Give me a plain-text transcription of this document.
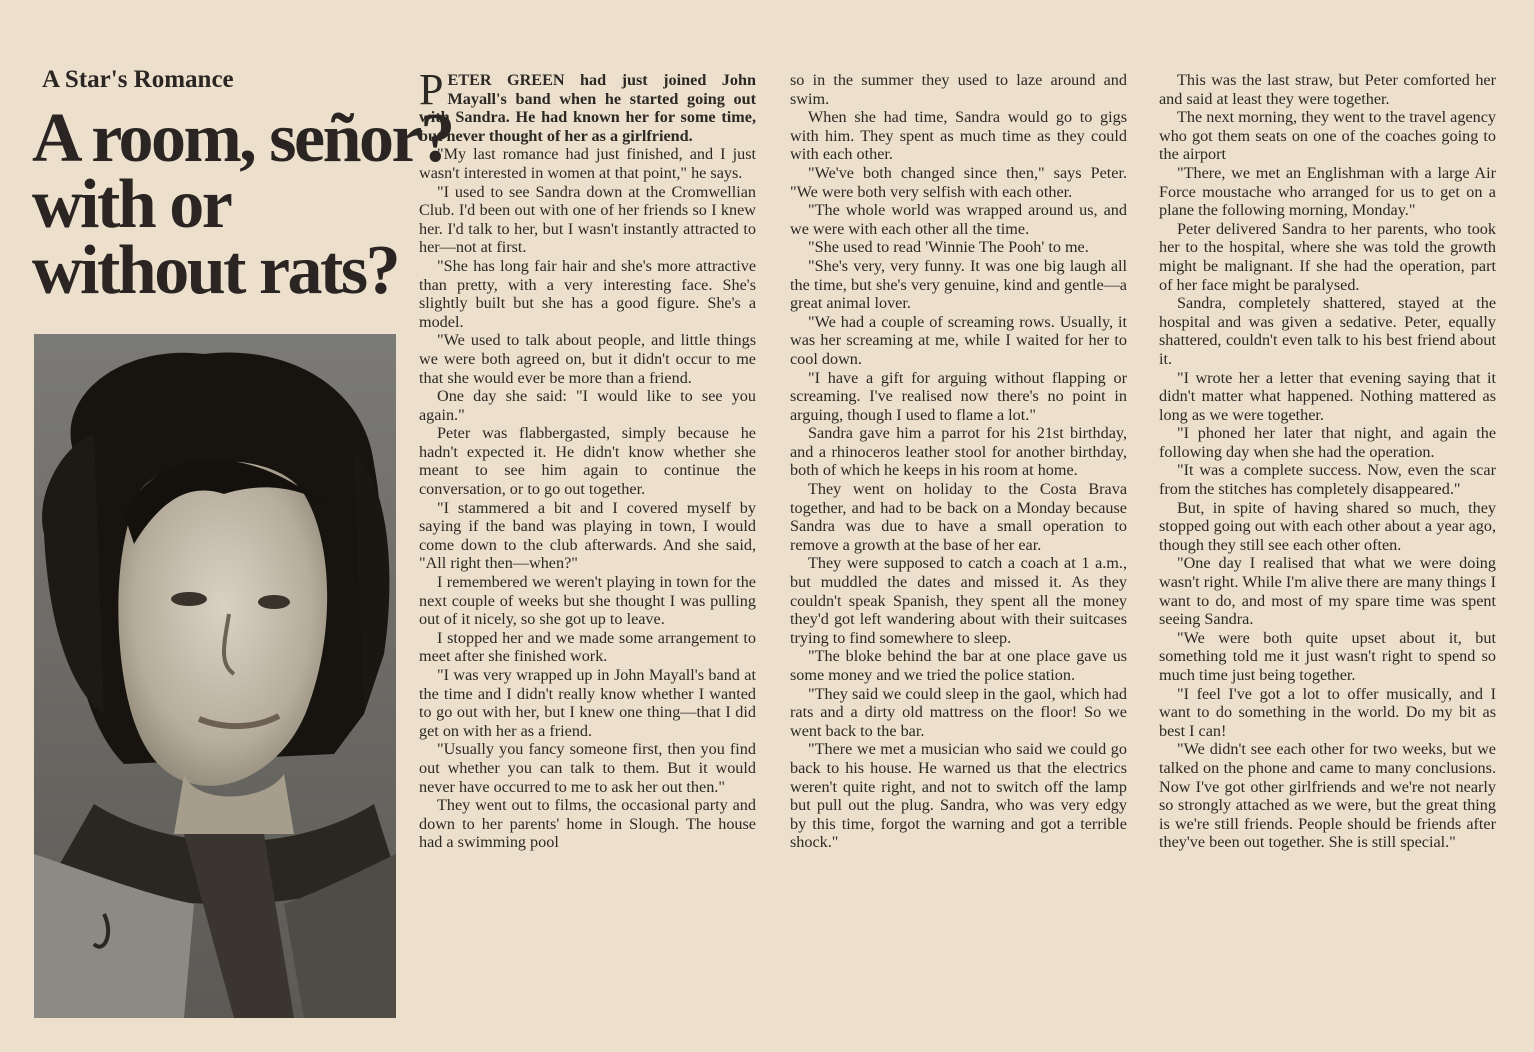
A Star's Romance
A room, señor?
with or
without rats?

PETER GREEN had just joined John Mayall's band when he started going out with Sandra. He had known her for some time, but never thought of her as a girlfriend.

"My last romance had just finished, and I just wasn't interested in women at that point," he says.

"I used to see Sandra down at the Cromwellian Club. I'd been out with one of her friends so I knew her. I'd talk to her, but I wasn't instantly attracted to her—not at first.

"She has long fair hair and she's more attractive than pretty, with a very interesting face. She's slightly built but she has a good figure. She's a model.

"We used to talk about people, and little things we were both agreed on, but it didn't occur to me that she would ever be more than a friend.

One day she said: "I would like to see you again."

Peter was flabbergasted, simply because he hadn't expected it. He didn't know whether she meant to see him again to continue the conversation, or to go out together.

"I stammered a bit and I covered myself by saying if the band was playing in town, I would come down to the club afterwards. And she said, "All right then—when?"

I remembered we weren't playing in town for the next couple of weeks but she thought I was pulling out of it nicely, so she got up to leave.

I stopped her and we made some arrangement to meet after she finished work.

"I was very wrapped up in John Mayall's band at the time and I didn't really know whether I wanted to go out with her, but I knew one thing—that I did get on with her as a friend.

"Usually you fancy someone first, then you find out whether you can talk to them. But it would never have occurred to me to ask her out then."

They went out to films, the occasional party and down to her parents' home in Slough. The house had a swimming pool

so in the summer they used to laze around and swim.

When she had time, Sandra would go to gigs with him. They spent as much time as they could with each other.

"We've both changed since then," says Peter. "We were both very selfish with each other.

"The whole world was wrapped around us, and we were with each other all the time.

"She used to read 'Winnie The Pooh' to me.

"She's very, very funny. It was one big laugh all the time, but she's very genuine, kind and gentle—a great animal lover.

"We had a couple of screaming rows. Usually, it was her screaming at me, while I waited for her to cool down.

"I have a gift for arguing without flapping or screaming. I've realised now there's no point in arguing, though I used to flame a lot."

Sandra gave him a parrot for his 21st birthday, and a rhinoceros leather stool for another birthday, both of which he keeps in his room at home.

They went on holiday to the Costa Brava together, and had to be back on a Monday because Sandra was due to have a small operation to remove a growth at the base of her ear.

They were supposed to catch a coach at 1 a.m., but muddled the dates and missed it. As they couldn't speak Spanish, they spent all the money they'd got left wandering about with their suitcases trying to find somewhere to sleep.

"The bloke behind the bar at one place gave us some money and we tried the police station.

"They said we could sleep in the gaol, which had rats and a dirty old mattress on the floor! So we went back to the bar.

"There we met a musician who said we could go back to his house. He warned us that the electrics weren't quite right, and not to switch off the lamp but pull out the plug. Sandra, who was very edgy by this time, forgot the warning and got a terrible shock."

This was the last straw, but Peter comforted her and said at least they were together.

The next morning, they went to the travel agency who got them seats on one of the coaches going to the airport

"There, we met an Englishman with a large Air Force moustache who arranged for us to get on a plane the following morning, Monday."

Peter delivered Sandra to her parents, who took her to the hospital, where she was told the growth might be malignant. If she had the operation, part of her face might be paralysed.

Sandra, completely shattered, stayed at the hospital and was given a sedative. Peter, equally shattered, couldn't even talk to his best friend about it.

"I wrote her a letter that evening saying that it didn't matter what happened. Nothing mattered as long as we were together.

"I phoned her later that night, and again the following day when she had the operation.

"It was a complete success. Now, even the scar from the stitches has completely disappeared."

But, in spite of having shared so much, they stopped going out with each other about a year ago, though they still see each other often.

"One day I realised that what we were doing wasn't right. While I'm alive there are many things I want to do, and most of my spare time was spent seeing Sandra.

"We were both quite upset about it, but something told me it just wasn't right to spend so much time just being together.

"I feel I've got a lot to offer musically, and I want to do something in the world. Do my bit as best I can!

"We didn't see each other for two weeks, but we talked on the phone and came to many conclusions. Now I've got other girlfriends and we're not nearly so strongly attached as we were, but the great thing is we're still friends. People should be friends after they've been out together. She is still special."
